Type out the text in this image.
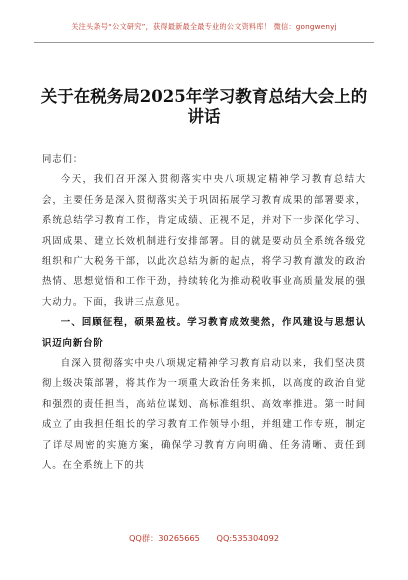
关注头条号“公文研究”，获得最新最全最专业的公文资料库！ 微信：gongwenyj
关于在税务局2025年学习教育总结大会上的讲话

同志们：

今天，我们召开深入贯彻落实中央八项规定精神学习教育总结大会，主要任务是深入贯彻落实关于巩固拓展学习教育成果的部署要求，系统总结学习教育工作，肯定成绩、正视不足，并对下一步深化学习、巩固成果、建立长效机制进行安排部署。目的就是要动员全系统各级党组织和广大税务干部，以此次总结为新的起点，将学习教育激发的政治热情、思想觉悟和工作干劲，持续转化为推动税收事业高质量发展的强大动力。下面，我讲三点意见。

一、回顾征程，硕果盈枝。学习教育成效斐然，作风建设与思想认识迈向新台阶

自深入贯彻落实中央八项规定精神学习教育启动以来，我们坚决贯彻上级决策部署，将其作为一项重大政治任务来抓，以高度的政治自觉和强烈的责任担当，高站位谋划、高标准组织、高效率推进。第一时间成立了由我担任组长的学习教育工作领导小组，并组建工作专班，制定了详尽周密的实施方案，确保学习教育方向明确、任务清晰、责任到人。在全系统上下的共

QQ群：30265665 QQ:535304092
